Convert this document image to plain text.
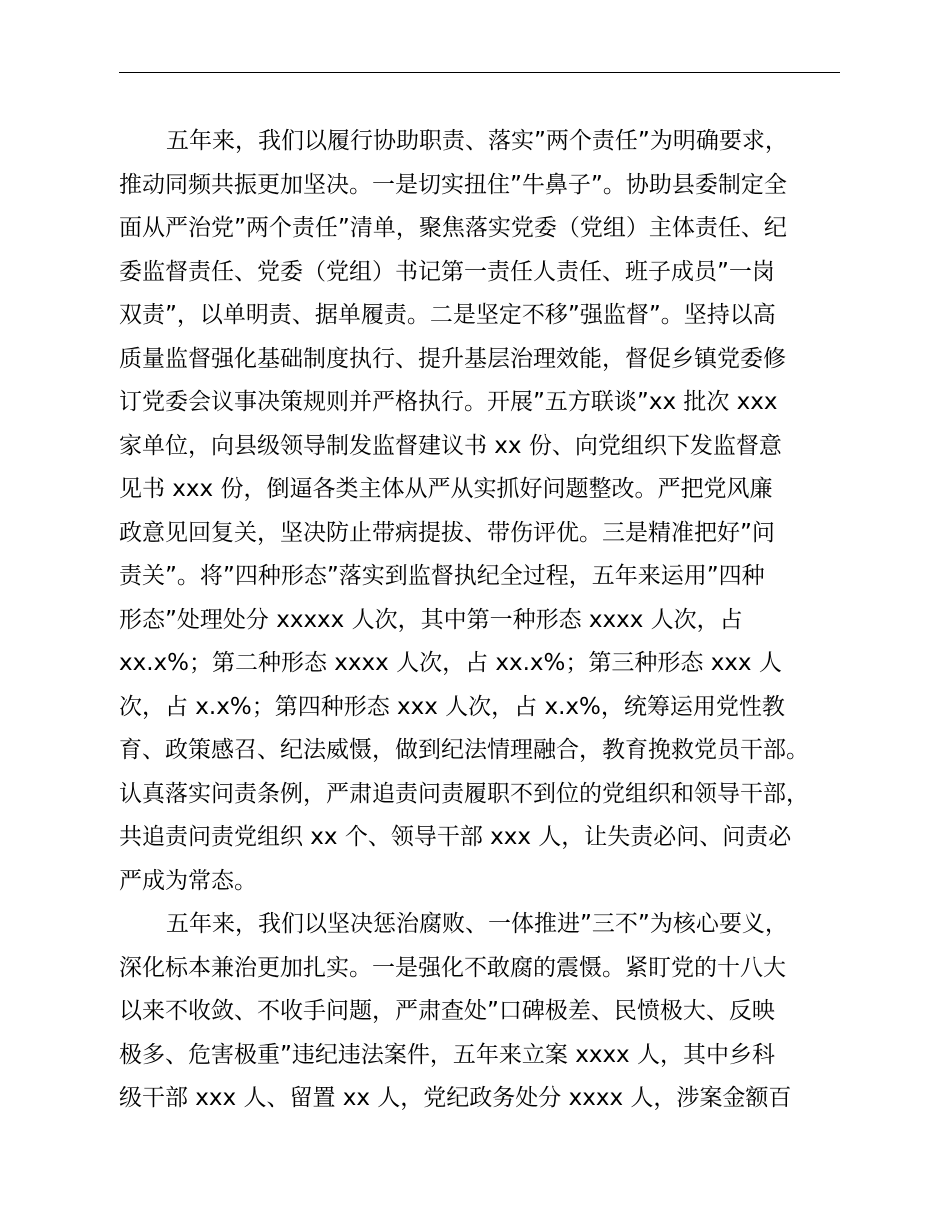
五年来，我们以履行协助职责、落实”两个责任”为明确要求，
推动同频共振更加坚决。一是切实扭住”牛鼻子”。协助县委制定全
面从严治党”两个责任”清单，聚焦落实党委（党组）主体责任、纪
委监督责任、党委（党组）书记第一责任人责任、班子成员”一岗
双责”，以单明责、据单履责。二是坚定不移”强监督”。坚持以高
质量监督强化基础制度执行、提升基层治理效能，督促乡镇党委修
订党委会议事决策规则并严格执行。开展”五方联谈”xx 批次 xxx
家单位，向县级领导制发监督建议书 xx 份、向党组织下发监督意
见书 xxx 份，倒逼各类主体从严从实抓好问题整改。严把党风廉
政意见回复关，坚决防止带病提拔、带伤评优。三是精准把好”问
责关”。将”四种形态”落实到监督执纪全过程，五年来运用”四种
形态”处理处分 xxxxx 人次，其中第一种形态 xxxx 人次，占
xx.x%；第二种形态 xxxx 人次，占 xx.x%；第三种形态 xxx 人
次，占 x.x%；第四种形态 xxx 人次，占 x.x%，统筹运用党性教
育、政策感召、纪法威慑，做到纪法情理融合，教育挽救党员干部。
认真落实问责条例，严肃追责问责履职不到位的党组织和领导干部，
共追责问责党组织 xx 个、领导干部 xxx 人，让失责必问、问责必
严成为常态。
五年来，我们以坚决惩治腐败、一体推进”三不”为核心要义，
深化标本兼治更加扎实。一是强化不敢腐的震慑。紧盯党的十八大
以来不收敛、不收手问题，严肃查处”口碑极差、民愤极大、反映
极多、危害极重”违纪违法案件，五年来立案 xxxx 人，其中乡科
级干部 xxx 人、留置 xx 人，党纪政务处分 xxxx 人，涉案金额百
